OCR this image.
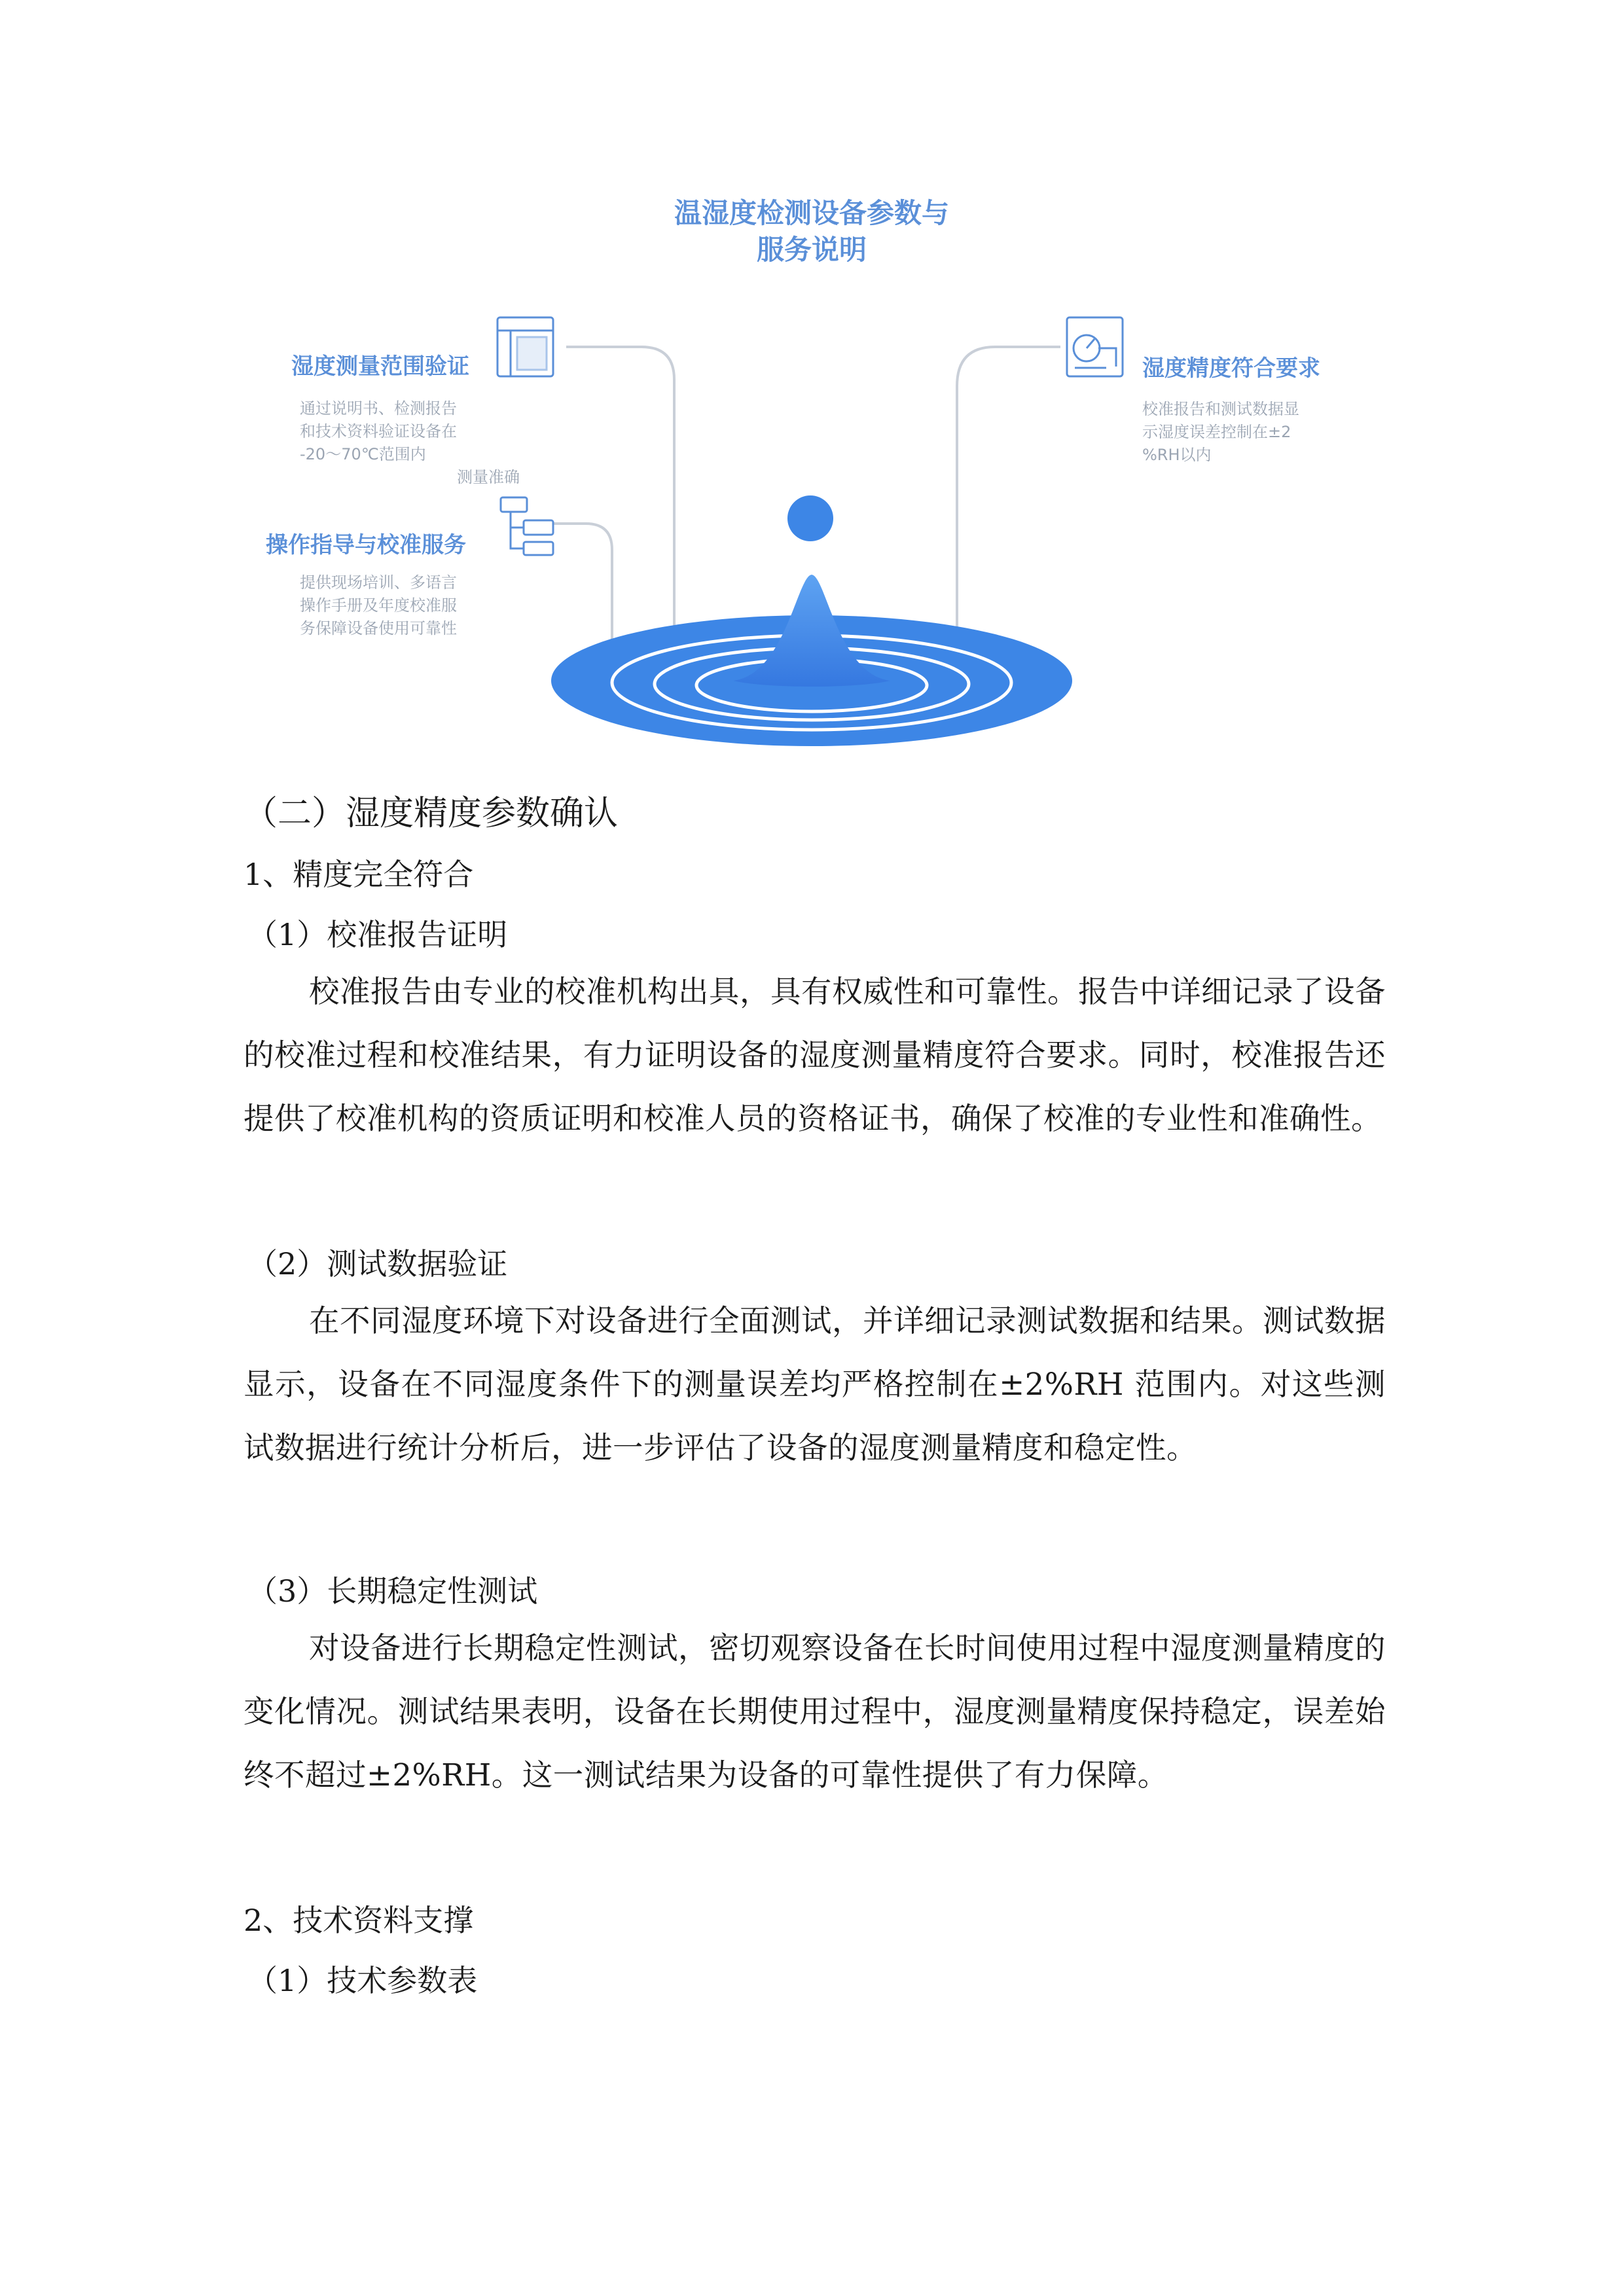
温湿度检测设备参数与
服务说明
湿度测量范围验证
通过说明书、检测报告
和技术资料验证设备在
-20～70℃范围内
测量准确
操作指导与校准服务
提供现场培训、多语言
操作手册及年度校准服
务保障设备使用可靠性
湿度精度符合要求
校准报告和测试数据显
示湿度误差控制在±2
%RH以内
（二）湿度精度参数确认
1、精度完全符合
（1）校准报告证明
校准报告由专业的校准机构出具，具有权威性和可靠性。报告中详细记录了设备的校准过程和校准结果，有力证明设备的湿度测量精度符合要求。同时，校准报告还提供了校准机构的资质证明和校准人员的资格证书，确保了校准的专业性和准确性。
（2）测试数据验证
在不同湿度环境下对设备进行全面测试，并详细记录测试数据和结果。测试数据显示，设备在不同湿度条件下的测量误差均严格控制在±2%RH 范围内。对这些测试数据进行统计分析后，进一步评估了设备的湿度测量精度和稳定性。
（3）长期稳定性测试
对设备进行长期稳定性测试，密切观察设备在长时间使用过程中湿度测量精度的变化情况。测试结果表明，设备在长期使用过程中，湿度测量精度保持稳定，误差始终不超过±2%RH。这一测试结果为设备的可靠性提供了有力保障。
2、技术资料支撑
（1）技术参数表
